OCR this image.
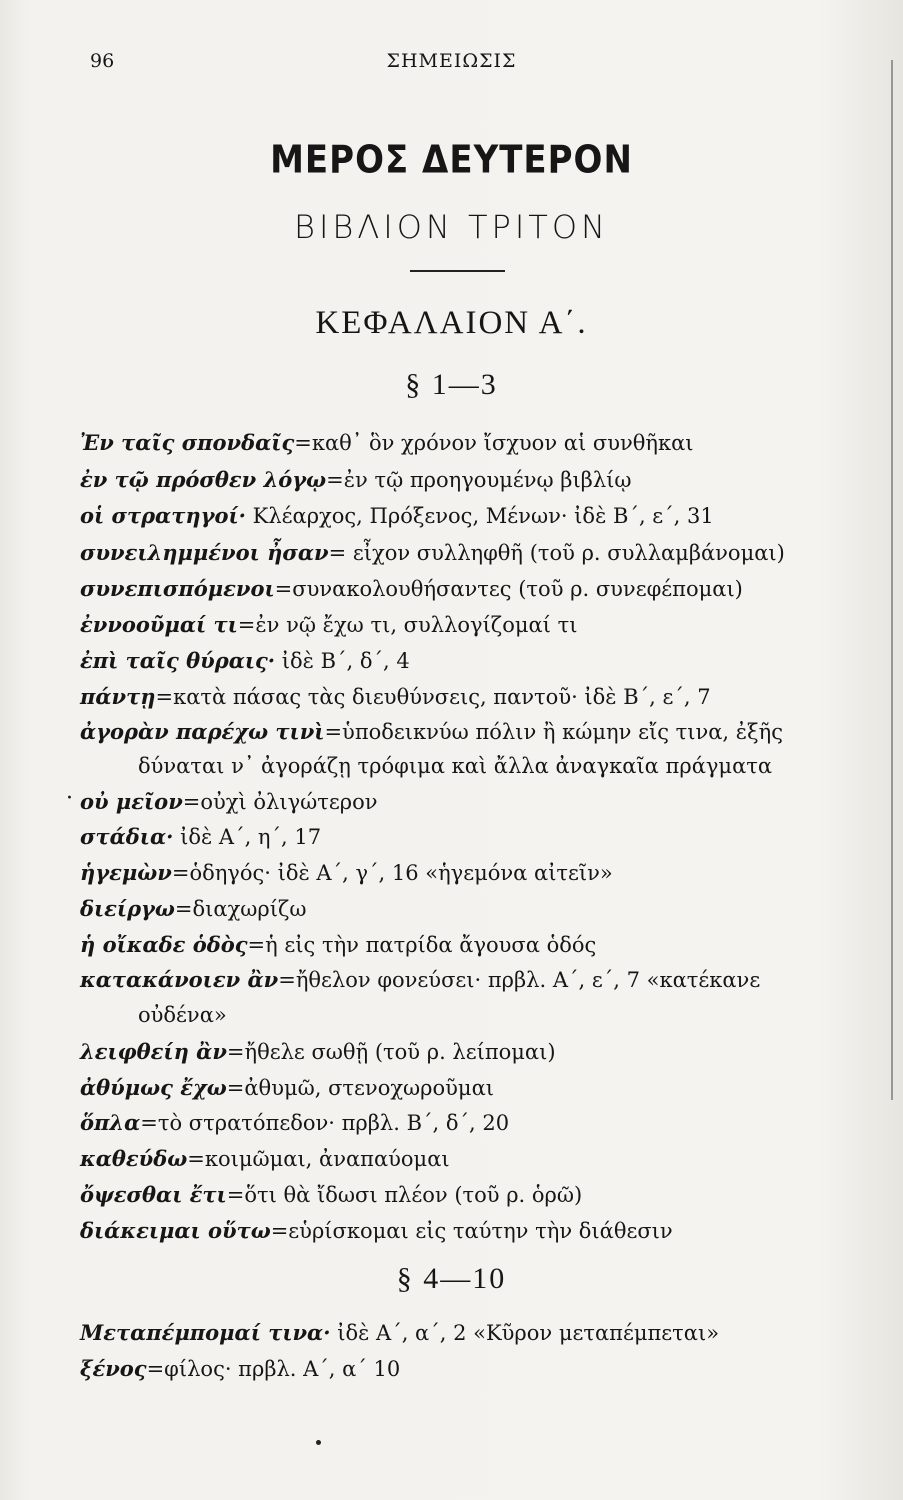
96	ΣΗΜΕΙΩΣΙΣ
ΜΕΡΟΣ ΔΕΥΤΕΡΟΝ
ΒΙΒΛΙΟΝ ΤΡΙΤΟΝ
ΚΕΦΑΛΑΙΟΝ Α΄.
§ 1—3
Ἐν ταῖς σπονδαῖς=καθ᾽ ὃν χρόνον ἴσχυον αἱ συνθῆκαι
ἐν τῷ πρόσθεν λόγῳ=ἐν τῷ προηγουμένῳ βιβλίῳ
οἱ στρατηγοί· Κλέαρχος, Πρόξενος, Μένων· ἰδὲ Β΄, ε΄, 31
συνειλημμένοι ἦσαν= εἶχον συλληφθῆ (τοῦ ρ. συλλαμβάνομαι)
συνεπισπόμενοι=συνακολουθήσαντες (τοῦ ρ. συνεφέπομαι)
ἐννοοῦμαί τι=ἐν νῷ ἔχω τι, συλλογίζομαί τι
ἐπὶ ταῖς θύραις· ἰδὲ Β΄, δ΄, 4
πάντῃ=κατὰ πάσας τὰς διευθύνσεις, παντοῦ· ἰδὲ Β΄, ε΄, 7
ἀγορὰν παρέχω τινὶ=ὑποδεικνύω πόλιν ἢ κώμην εἴς τινα, ἐξῆς
δύναται ν᾽ ἀγοράζῃ τρόφιμα καὶ ἄλλα ἀναγκαῖα πράγματα
· οὐ μεῖον=οὐχὶ ὀλιγώτερον
στάδια· ἰδὲ Α΄, η΄, 17
ἡγεμὼν=ὁδηγός· ἰδὲ Α΄, γ΄, 16 «ἡγεμόνα αἰτεῖν»
διείργω=διαχωρίζω
ἡ οἴκαδε ὁδὸς=ἡ εἰς τὴν πατρίδα ἄγουσα ὁδός
κατακάνοιεν ἂν=ἤθελον φονεύσει· πρβλ. Α΄, ε΄, 7 «κατέκανε
οὐδένα»
λειφθείη ἂν=ἤθελε σωθῇ (τοῦ ρ. λείπομαι)
ἀθύμως ἔχω=ἀθυμῶ, στενοχωροῦμαι
ὅπλα=τὸ στρατόπεδον· πρβλ. Β΄, δ΄, 20
καθεύδω=κοιμῶμαι, ἀναπαύομαι
ὄψεσθαι ἔτι=ὅτι θὰ ἴδωσι πλέον (τοῦ ρ. ὁρῶ)
διάκειμαι οὕτω=εὑρίσκομαι εἰς ταύτην τὴν διάθεσιν
§ 4—10
Μεταπέμπομαί τινα· ἰδὲ Α΄, α΄, 2 «Κῦρον μεταπέμπεται»
ξένος=φίλος· πρβλ. Α΄, α΄ 10
